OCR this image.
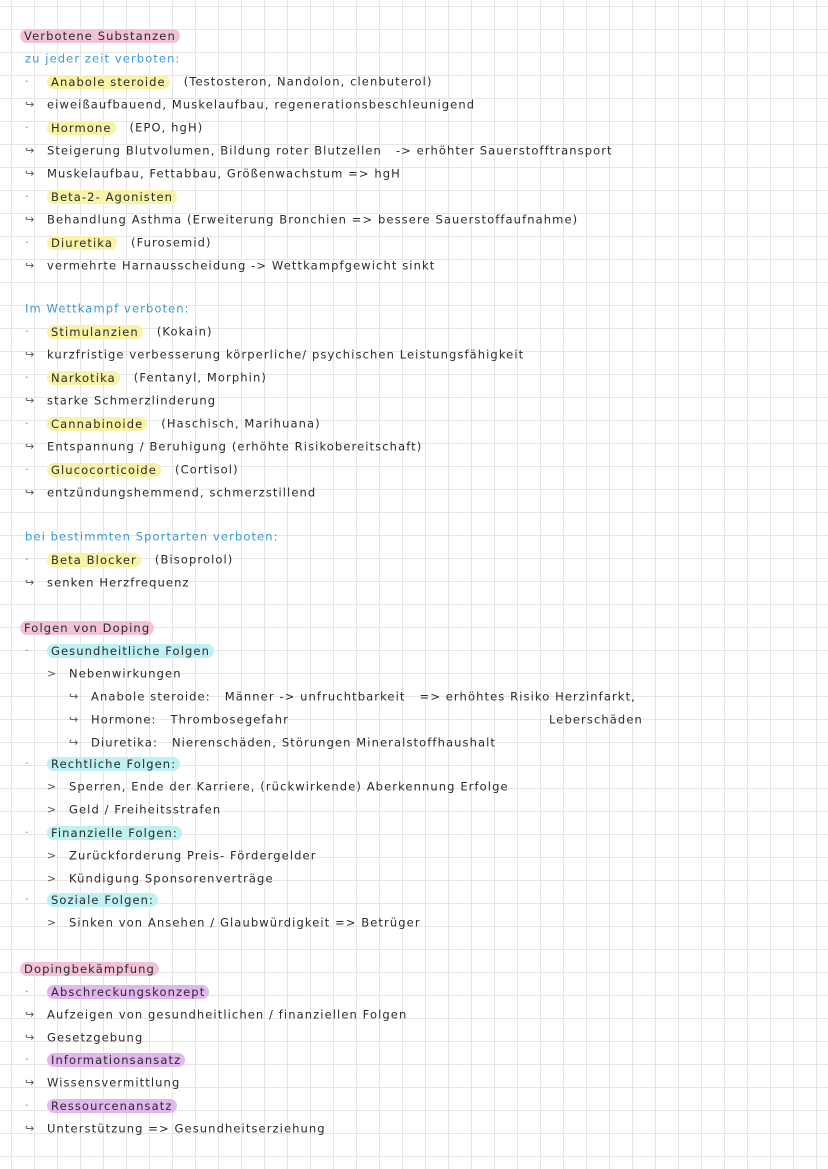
Verbotene Substanzen
zu jeder zeit verboten:
· Anabole steroide (Testosteron, Nandolon, clenbuterol)
↪ eiweißaufbauend, Muskelaufbau, regenerationsbeschleunigend
· Hormone (EPO, hgH)
↪ Steigerung Blutvolumen, Bildung roter Blutzellen -> erhöhter Sauerstofftransport
↪ Muskelaufbau, Fettabbau, Größenwachstum => hgH
· Beta-2- Agonisten
↪ Behandlung Asthma (Erweiterung Bronchien => bessere Sauerstoffaufnahme)
· Diuretika (Furosemid)
↪ vermehrte Harnausscheidung -> Wettkampfgewicht sinkt
Im Wettkampf verboten:
· Stimulanzien (Kokain)
↪ kurzfristige verbesserung körperliche/ psychischen Leistungsfähigkeit
· Narkotika (Fentanyl, Morphin)
↪ starke Schmerzlinderung
· Cannabinoide (Haschisch, Marihuana)
↪ Entspannung / Beruhigung (erhöhte Risikobereitschaft)
· Glucocorticoide (Cortisol)
↪ entzündungshemmend, schmerzstillend
bei bestimmten Sportarten verboten:
· Beta Blocker (Bisoprolol)
↪ senken Herzfrequenz
Folgen von Doping
· Gesundheitliche Folgen
> Nebenwirkungen
↪ Anabole steroide: Männer -> unfruchtbarkeit => erhöhtes Risiko Herzinfarkt,
↪ Hormone: Thrombosegefahr	Leberschäden
↪ Diuretika: Nierenschäden, Störungen Mineralstoffhaushalt
· Rechtliche Folgen:
> Sperren, Ende der Karriere, (rückwirkende) Aberkennung Erfolge
> Geld / Freiheitsstrafen
· Finanzielle Folgen:
> Zurückforderung Preis- Fördergelder
> Kündigung Sponsorenverträge
· Soziale Folgen:
> Sinken von Ansehen / Glaubwürdigkeit => Betrüger
Dopingbekämpfung
· Abschreckungskonzept
↪ Aufzeigen von gesundheitlichen / finanziellen Folgen
↪ Gesetzgebung
· Informationsansatz
↪ Wissensvermittlung
· Ressourcenansatz
↪ Unterstützung => Gesundheitserziehung
